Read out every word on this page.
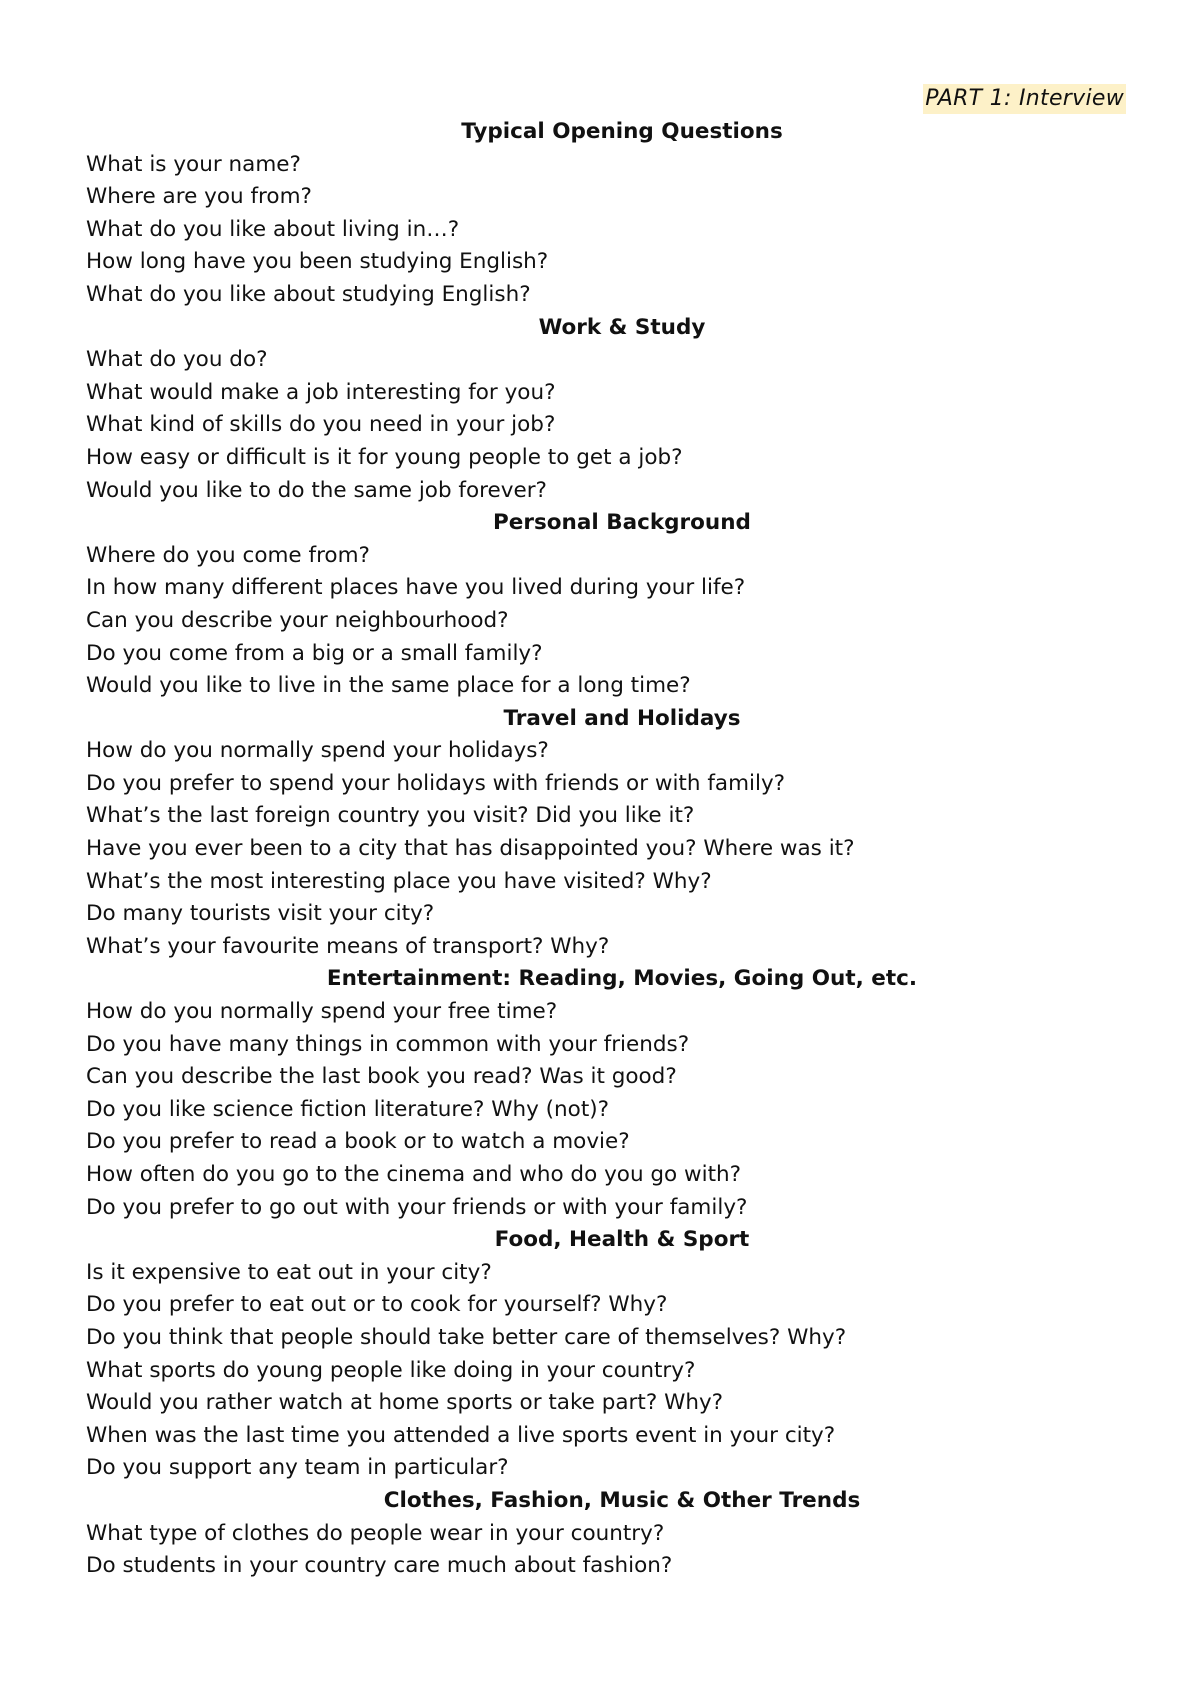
PART 1: Interview
Typical Opening Questions
What is your name?
Where are you from?
What do you like about living in…?
How long have you been studying English?
What do you like about studying English?
Work & Study
What do you do?
What would make a job interesting for you?
What kind of skills do you need in your job?
How easy or difficult is it for young people to get a job?
Would you like to do the same job forever?
Personal Background
Where do you come from?
In how many different places have you lived during your life?
Can you describe your neighbourhood?
Do you come from a big or a small family?
Would you like to live in the same place for a long time?
Travel and Holidays
How do you normally spend your holidays?
Do you prefer to spend your holidays with friends or with family?
What’s the last foreign country you visit? Did you like it?
Have you ever been to a city that has disappointed you? Where was it?
What’s the most interesting place you have visited? Why?
Do many tourists visit your city?
What’s your favourite means of transport? Why?
Entertainment: Reading, Movies, Going Out, etc.
How do you normally spend your free time?
Do you have many things in common with your friends?
Can you describe the last book you read? Was it good?
Do you like science fiction literature? Why (not)?
Do you prefer to read a book or to watch a movie?
How often do you go to the cinema and who do you go with?
Do you prefer to go out with your friends or with your family?
Food, Health & Sport
Is it expensive to eat out in your city?
Do you prefer to eat out or to cook for yourself? Why?
Do you think that people should take better care of themselves? Why?
What sports do young people like doing in your country?
Would you rather watch at home sports or take part? Why?
When was the last time you attended a live sports event in your city?
Do you support any team in particular?
Clothes, Fashion, Music & Other Trends
What type of clothes do people wear in your country?
Do students in your country care much about fashion?
